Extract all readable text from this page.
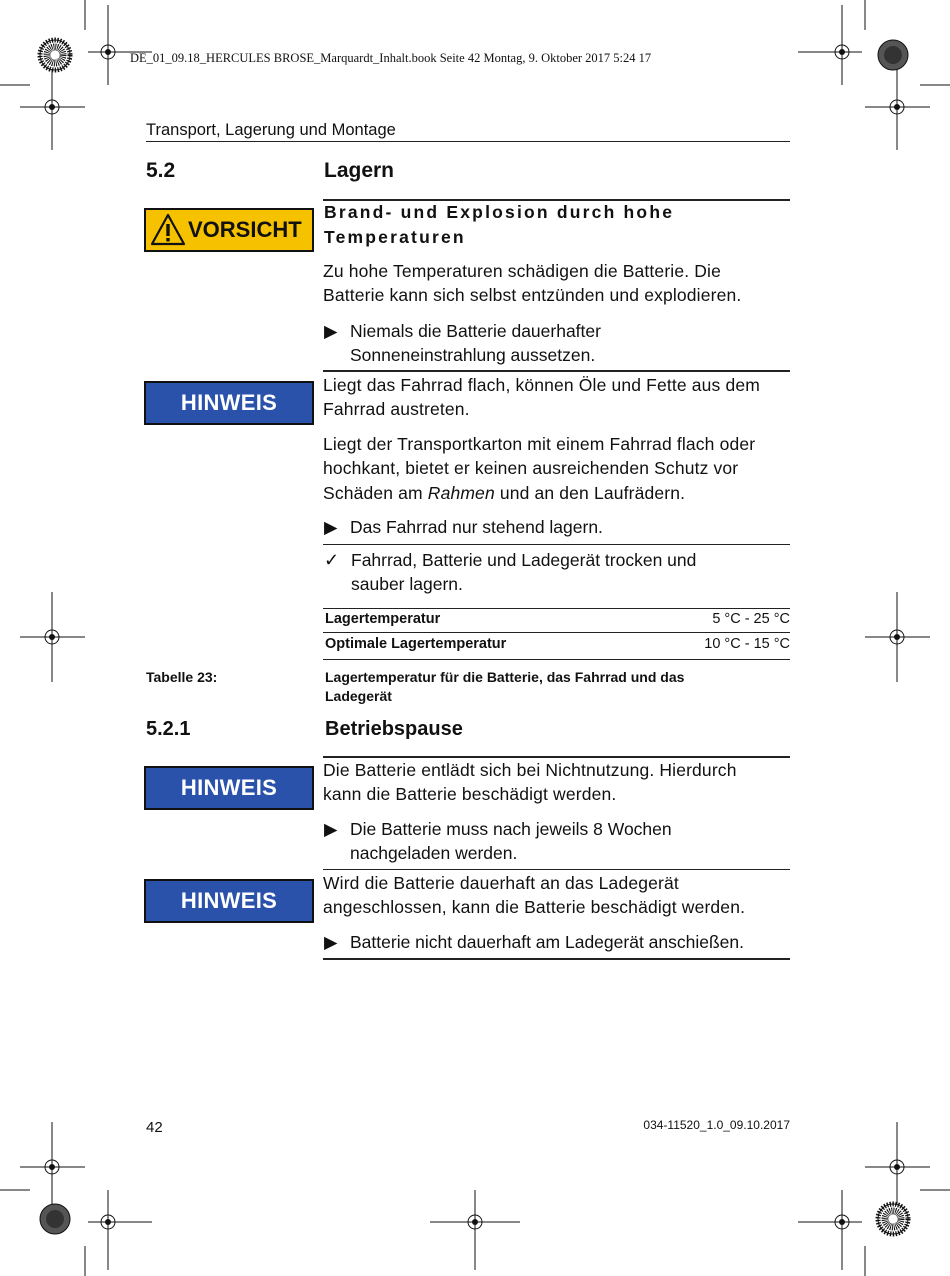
DE_01_09.18_HERCULES BROSE_Marquardt_Inhalt.book Seite 42 Montag, 9. Oktober 2017 5:24 17
Transport, Lagerung und Montage
5.2	Lagern
VORSICHT
Brand- und Explosion durch hohe
Temperaturen
Zu hohe Temperaturen schädigen die Batterie. Die
Batterie kann sich selbst entzünden und explodieren.
▶ Niemals die Batterie dauerhafter
Sonneneinstrahlung aussetzen.
HINWEIS
Liegt das Fahrrad flach, können Öle und Fette aus dem
Fahrrad austreten.
Liegt der Transportkarton mit einem Fahrrad flach oder
hochkant, bietet er keinen ausreichenden Schutz vor
Schäden am Rahmen und an den Laufrädern.
▶ Das Fahrrad nur stehend lagern.
✓ Fahrrad, Batterie und Ladegerät trocken und
sauber lagern.
Lagertemperatur	5 °C - 25 °C
Optimale Lagertemperatur	10 °C - 15 °C
Tabelle 23:	Lagertemperatur für die Batterie, das Fahrrad und das
Ladegerät
5.2.1	Betriebspause
HINWEIS
Die Batterie entlädt sich bei Nichtnutzung. Hierdurch
kann die Batterie beschädigt werden.
▶ Die Batterie muss nach jeweils 8 Wochen
nachgeladen werden.
HINWEIS
Wird die Batterie dauerhaft an das Ladegerät
angeschlossen, kann die Batterie beschädigt werden.
▶ Batterie nicht dauerhaft am Ladegerät anschießen.
42	034-11520_1.0_09.10.2017
